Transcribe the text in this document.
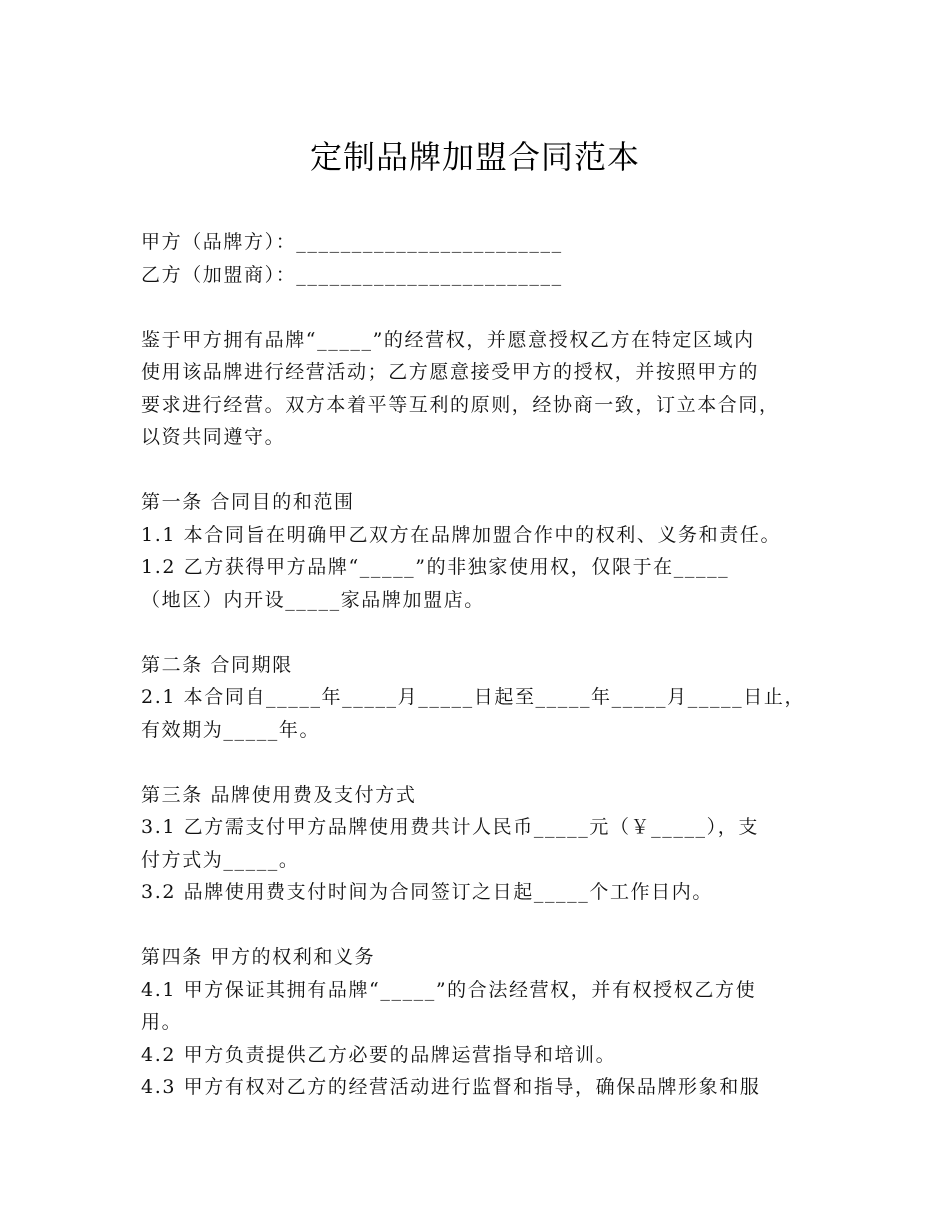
定制品牌加盟合同范本
甲方（品牌方）：________________________
乙方（加盟商）：________________________
鉴于甲方拥有品牌“_____”的经营权，并愿意授权乙方在特定区域内
使用该品牌进行经营活动；乙方愿意接受甲方的授权，并按照甲方的
要求进行经营。双方本着平等互利的原则，经协商一致，订立本合同，
以资共同遵守。
第一条 合同目的和范围
1.1 本合同旨在明确甲乙双方在品牌加盟合作中的权利、义务和责任。
1.2 乙方获得甲方品牌“_____”的非独家使用权，仅限于在_____
（地区）内开设_____家品牌加盟店。
第二条 合同期限
2.1 本合同自_____年_____月_____日起至_____年_____月_____日止，
有效期为_____年。
第三条 品牌使用费及支付方式
3.1 乙方需支付甲方品牌使用费共计人民币_____元（￥_____），支
付方式为_____。
3.2 品牌使用费支付时间为合同签订之日起_____个工作日内。
第四条 甲方的权利和义务
4.1 甲方保证其拥有品牌“_____”的合法经营权，并有权授权乙方使
用。
4.2 甲方负责提供乙方必要的品牌运营指导和培训。
4.3 甲方有权对乙方的经营活动进行监督和指导，确保品牌形象和服
